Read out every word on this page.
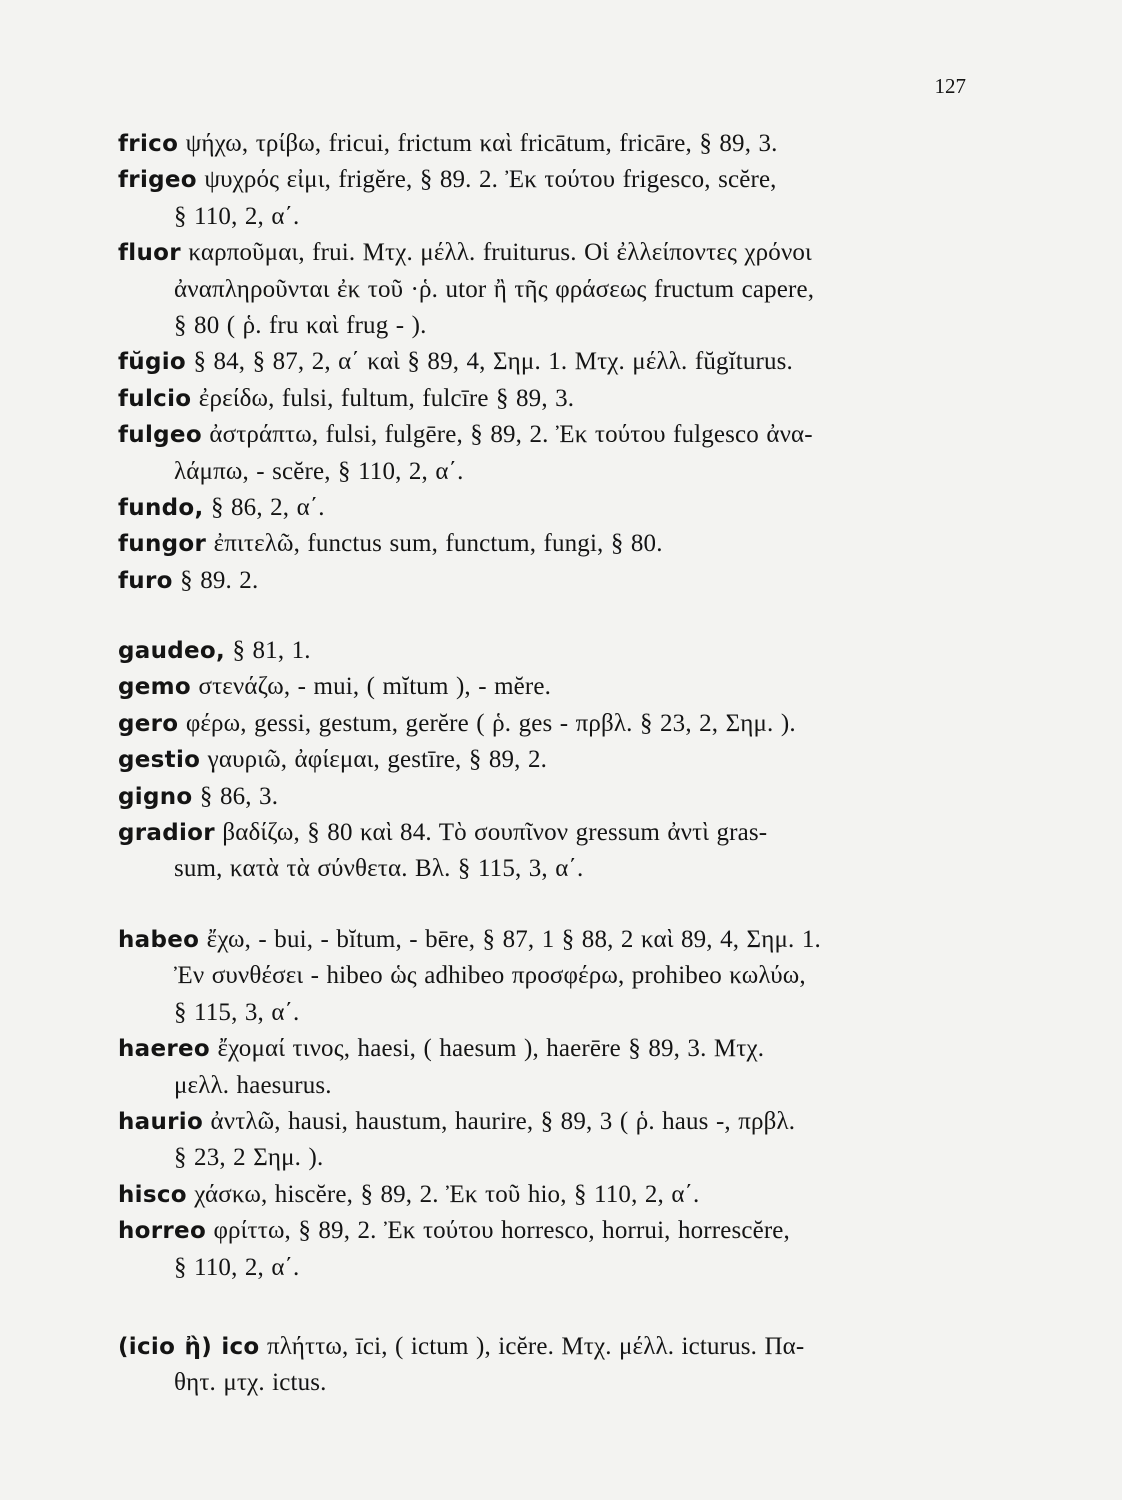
127
frico ψήχω, τρίβω, fricui, frictum καὶ fricātum, fricāre, § 89, 3.
frigeo ψυχρός εἰμι, frigĕre, § 89. 2. Ἐκ τούτου frigesco, scĕre,
§ 110, 2, α΄.
fluor καρποῦμαι, frui. Μτχ. μέλλ. fruiturus. Οἱ ἐλλείποντες χρόνοι
ἀναπληροῦνται ἐκ τοῦ ·ῥ. utor ἢ τῆς φράσεως fructum capere,
§ 80 ( ῥ. fru καὶ frug - ).
fŭgio § 84, § 87, 2, α΄ καὶ § 89, 4, Σημ. 1. Μτχ. μέλλ. fŭgĭturus.
fulcio ἐρείδω, fulsi, fultum, fulcīre § 89, 3.
fulgeo ἀστράπτω, fulsi, fulgēre, § 89, 2. Ἐκ τούτου fulgesco ἀνα-
λάμπω, - scĕre, § 110, 2, α΄.
fundo, § 86, 2, α΄.
fungor ἐπιτελῶ, functus sum, functum, fungi, § 80.
furo § 89. 2.
gaudeo, § 81, 1.
gemo στενάζω, - mui, ( mĭtum ), - mĕre.
gero φέρω, gessi, gestum, gerĕre ( ῥ. ges - πρβλ. § 23, 2, Σημ. ).
gestio γαυριῶ, ἀφίεμαι, gestīre, § 89, 2.
gigno § 86, 3.
gradior βαδίζω, § 80 καὶ 84. Τὸ σουπῖνον gressum ἀντὶ gras-
sum, κατὰ τὰ σύνθετα. Βλ. § 115, 3, α΄.
habeo ἔχω, - bui, - bĭtum, - bēre, § 87, 1 § 88, 2 καὶ 89, 4, Σημ. 1.
Ἐν συνθέσει - hibeo ὡς adhibeo προσφέρω, prohibeo κωλύω,
§ 115, 3, α΄.
haereo ἔχομαί τινος, haesi, ( haesum ), haerēre § 89, 3. Μτχ.
μελλ. haesurus.
haurio ἀντλῶ, hausi, haustum, haurire, § 89, 3 ( ῥ. haus -, πρβλ.
§ 23, 2 Σημ. ).
hisco χάσκω, hiscĕre, § 89, 2. Ἐκ τοῦ hio, § 110, 2, α΄.
horreo φρίττω, § 89, 2. Ἐκ τούτου horresco, horrui, horrescĕre,
§ 110, 2, α΄.
(icio ἢ) ico πλήττω, īci, ( ictum ), icĕre. Μτχ. μέλλ. icturus. Πα-
θητ. μτχ. ictus.
